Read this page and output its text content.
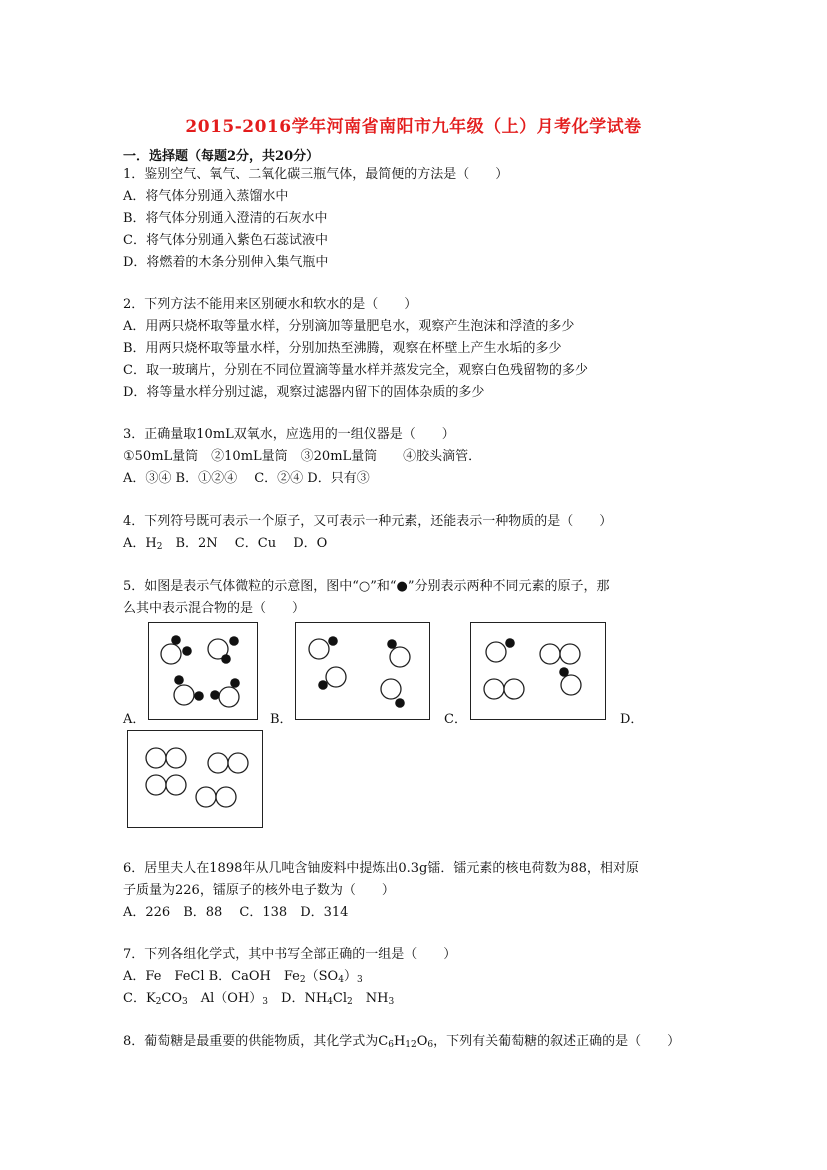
2015-2016学年河南省南阳市九年级（上）月考化学试卷
一．选择题（每题2分，共20分）
1．鉴别空气、氧气、二氧化碳三瓶气体，最简便的方法是（　　）
A．将气体分别通入蒸馏水中
B．将气体分别通入澄清的石灰水中
C．将气体分别通入紫色石蕊试液中
D．将燃着的木条分别伸入集气瓶中
2．下列方法不能用来区别硬水和软水的是（　　）
A．用两只烧杯取等量水样，分别滴加等量肥皂水，观察产生泡沫和浮渣的多少
B．用两只烧杯取等量水样，分别加热至沸腾，观察在杯壁上产生水垢的多少
C．取一玻璃片，分别在不同位置滴等量水样并蒸发完全，观察白色残留物的多少
D．将等量水样分别过滤，观察过滤器内留下的固体杂质的多少
3．正确量取10mL双氧水，应选用的一组仪器是（　　）
①50mL量筒　②10mL量筒　③20mL量筒　　④胶头滴管．
A．③④ B．①②④　 C．②④ D．只有③
4．下列符号既可表示一个原子，又可表示一种元素，还能表示一种物质的是（　　）
A．$H_2$　B．2N　 C．Cu　 D．O
5．如图是表示气体微粒的示意图，图中“○”和“●”分别表示两种不同元素的原子，那
么其中表示混合物的是（　　）
A．	B．	C．	D．
6．居里夫人在1898年从几吨含铀废料中提炼出0.3g镭．镭元素的核电荷数为88，相对原
子质量为226，镭原子的核外电子数为（　　）
A．226　B．88　 C．138　D．314
7．下列各组化学式，其中书写全部正确的一组是（　　）
A．Fe　FeCl B．CaOH　$Fe_2(SO_4)_3$
C．$K_2CO_3$　$Al(OH)_3$　D．$NH_4Cl_2$　$NH_3$
8．葡萄糖是最重要的供能物质，其化学式为$C_6H_{12}O_6$，下列有关葡萄糖的叙述正确的是（　　）
